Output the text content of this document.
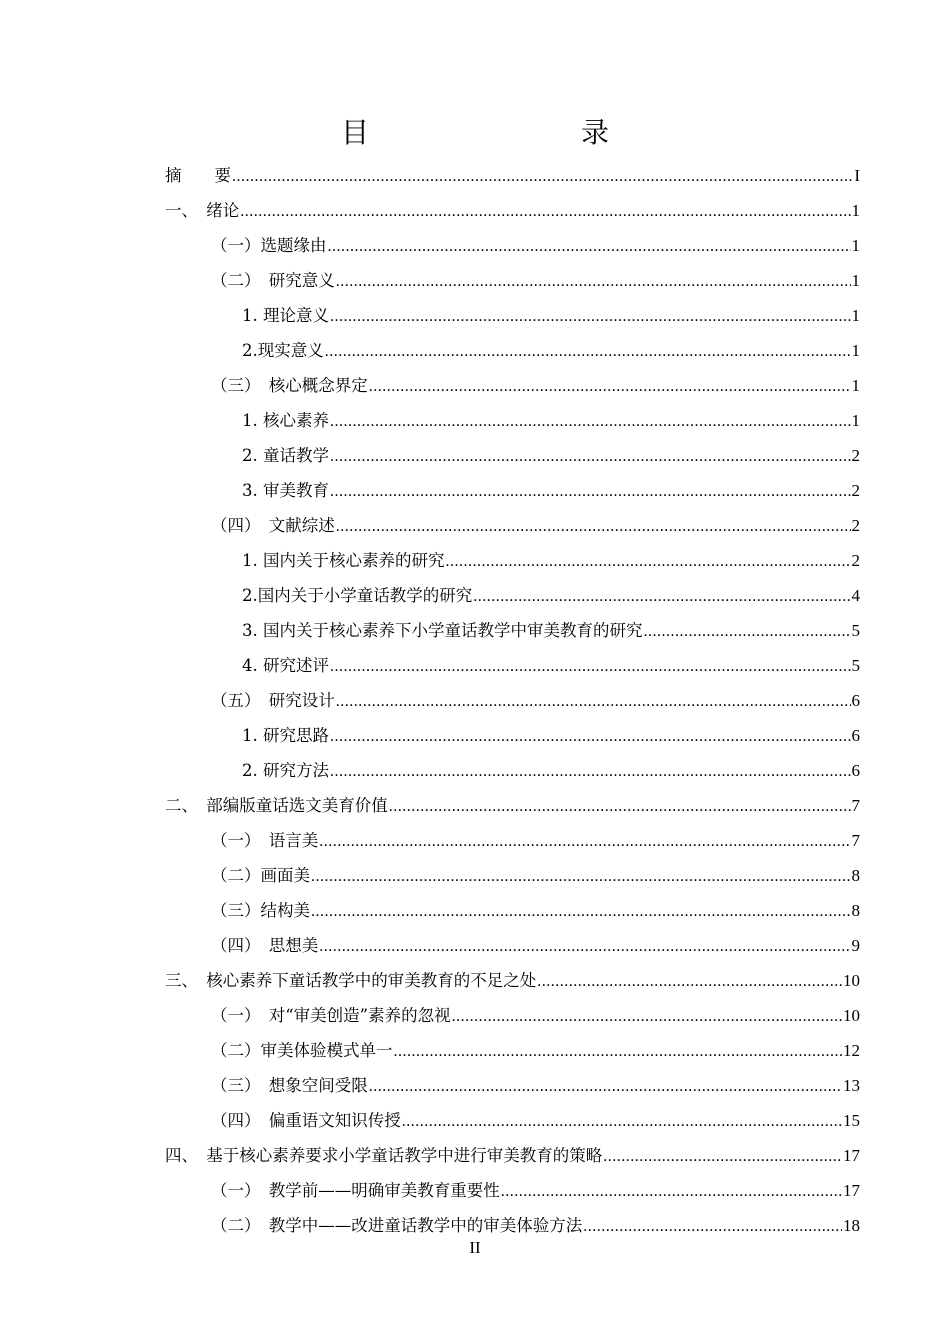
目　　录
摘　　要 .....	I
一、　绪论 .....	1
（一）选题缘由 .....	1
（二）　研究意义 .....	1
1. 理论意义 .....	1
2.现实意义 .....	1
（三）　核心概念界定 .....	1
1. 核心素养 .....	1
2. 童话教学 .....	2
3. 审美教育 .....	2
（四）　文献综述 .....	2
1. 国内关于核心素养的研究 .....	2
2.国内关于小学童话教学的研究 .....	4
3. 国内关于核心素养下小学童话教学中审美教育的研究 .....	5
4. 研究述评 .....	5
（五）　研究设计 .....	6
1. 研究思路 .....	6
2. 研究方法 .....	6
二、　部编版童话选文美育价值 .....	7
（一）　语言美 .....	7
（二）画面美 .....	8
（三）结构美 .....	8
（四）　思想美 .....	9
三、　核心素养下童话教学中的审美教育的不足之处 .....	10
（一）　对“审美创造”素养的忽视 .....	10
（二）审美体验模式单一 .....	12
（三）　想象空间受限 .....	13
（四）　偏重语文知识传授 .....	15
四、　基于核心素养要求小学童话教学中进行审美教育的策略 .....	17
（一）　教学前——明确审美教育重要性 .....	17
（二）　教学中——改进童话教学中的审美体验方法 .....	18
II
